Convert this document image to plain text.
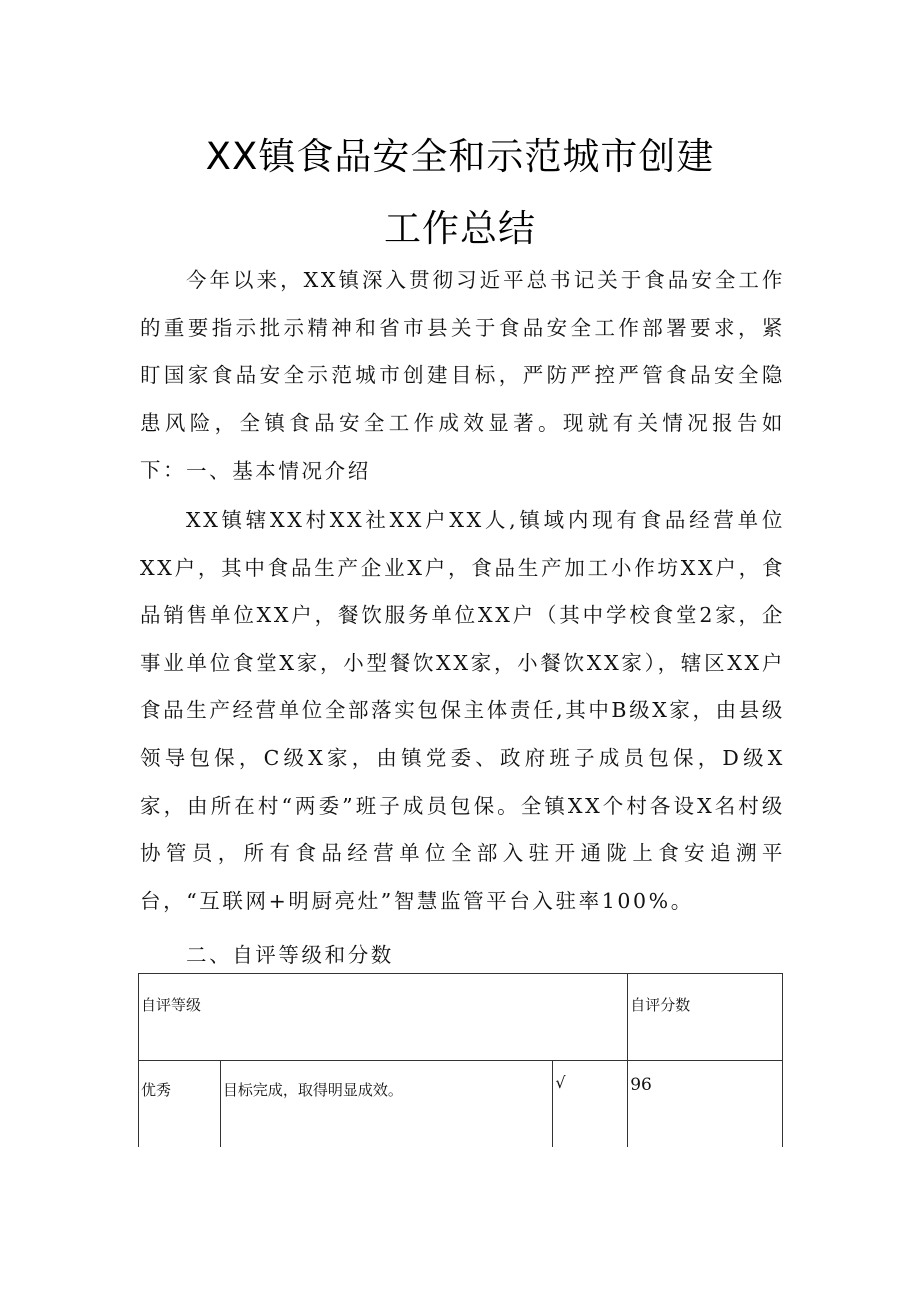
XX镇食品安全和示范城市创建
工作总结

今年以来，XX镇深入贯彻习近平总书记关于食品安全工作的重要指示批示精神和省市县关于食品安全工作部署要求，紧盯国家食品安全示范城市创建目标，严防严控严管食品安全隐患风险，全镇食品安全工作成效显著。现就有关情况报告如下： 一、基本情况介绍

XX镇辖XX村XX社XX户XX人,镇域内现有食品经营单位XX户，其中食品生产企业X户，食品生产加工小作坊XX户，食品销售单位XX户，餐饮服务单位XX户（其中学校食堂2家，企事业单位食堂X家，小型餐饮XX家，小餐饮XX家），辖区XX户食品生产经营单位全部落实包保主体责任,其中B级X家，由县级领导包保，C级X家，由镇党委、政府班子成员包保，D级X家，由所在村“两委”班子成员包保。全镇XX个村各设X名村级协管员，所有食品经营单位全部入驻开通陇上食安追溯平台，“互联网+明厨亮灶”智慧监管平台入驻率100%。

二、自评等级和分数

自评等级			自评分数

优秀	目标完成，取得明显成效。	√	96
